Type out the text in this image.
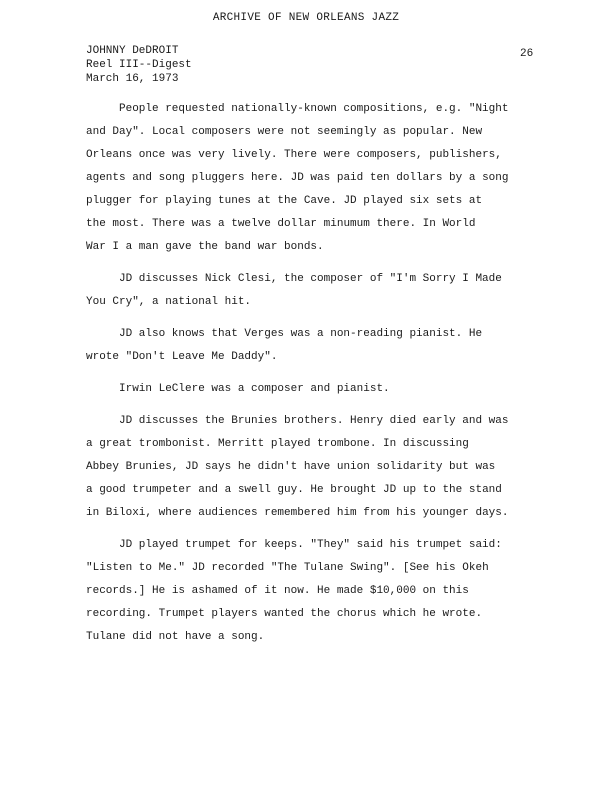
ARCHIVE OF NEW ORLEANS JAZZ
JOHNNY DeDROIT
Reel III--Digest
March 16, 1973
26

People requested nationally-known compositions, e.g. "Night
and Day". Local composers were not seemingly as popular. New
Orleans once was very lively. There were composers, publishers,
agents and song pluggers here. JD was paid ten dollars by a song
plugger for playing tunes at the Cave. JD played six sets at
the most. There was a twelve dollar minumum there. In World
War I a man gave the band war bonds.

JD discusses Nick Clesi, the composer of "I'm Sorry I Made
You Cry", a national hit.

JD also knows that Verges was a non-reading pianist. He
wrote "Don't Leave Me Daddy".

Irwin LeClere was a composer and pianist.

JD discusses the Brunies brothers. Henry died early and was
a great trombonist. Merritt played trombone. In discussing
Abbey Brunies, JD says he didn't have union solidarity but was
a good trumpeter and a swell guy. He brought JD up to the stand
in Biloxi, where audiences remembered him from his younger days.

JD played trumpet for keeps. "They" said his trumpet said:
"Listen to Me." JD recorded "The Tulane Swing". [See his Okeh
records.] He is ashamed of it now. He made $10,000 on this
recording. Trumpet players wanted the chorus which he wrote.
Tulane did not have a song.
